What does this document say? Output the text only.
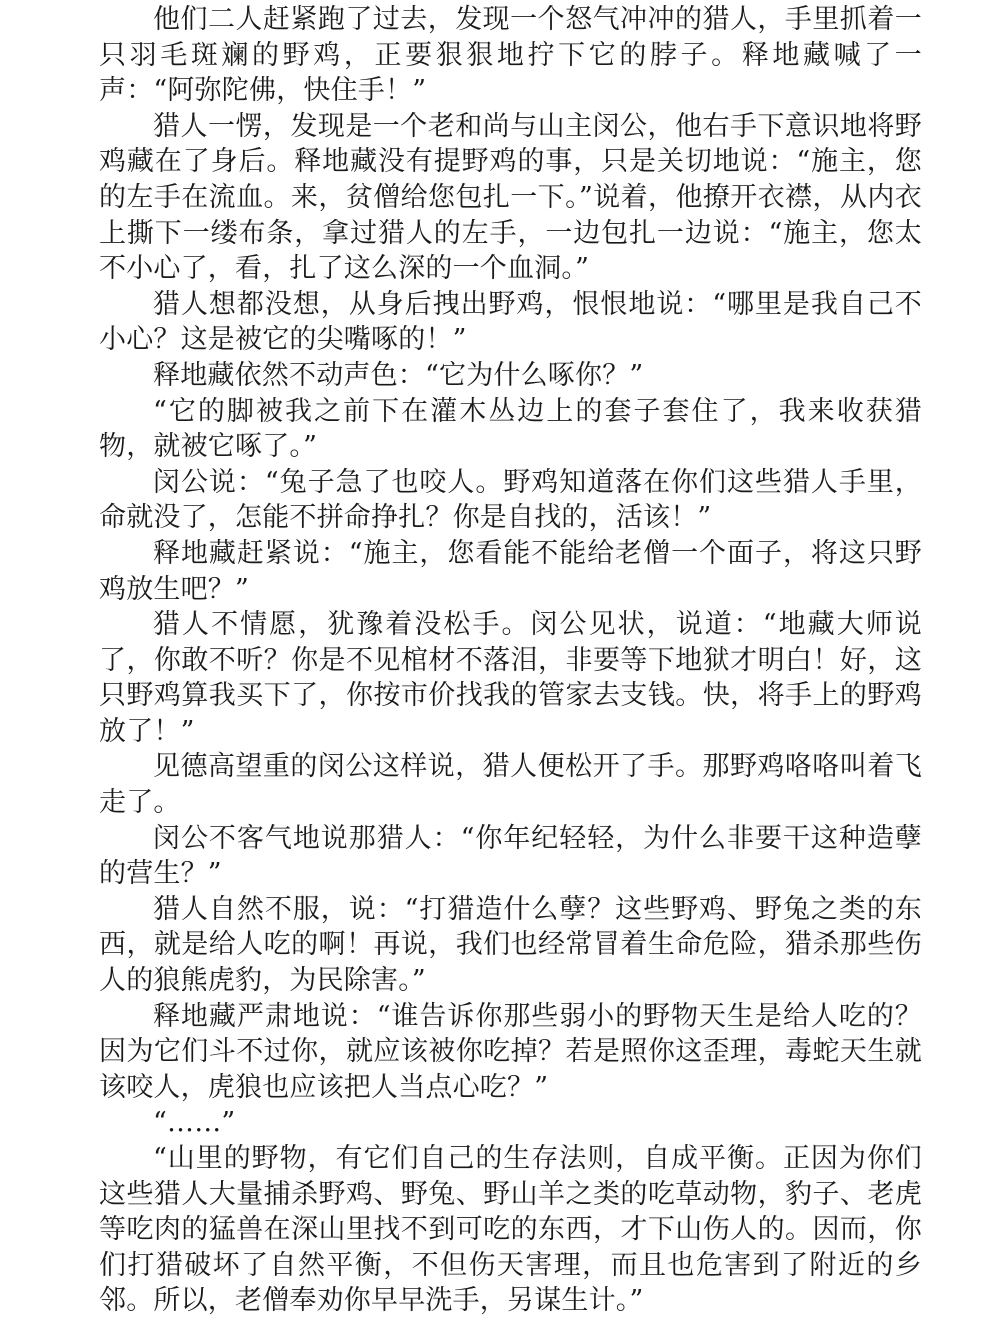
他们二人赶紧跑了过去，发现一个怒气冲冲的猎人，手里抓着一只羽毛斑斓的野鸡，正要狠狠地拧下它的脖子。释地藏喊了一声：“阿弥陀佛，快住手！”

猎人一愣，发现是一个老和尚与山主闵公，他右手下意识地将野鸡藏在了身后。释地藏没有提野鸡的事，只是关切地说：“施主，您的左手在流血。来，贫僧给您包扎一下。”说着，他撩开衣襟，从内衣上撕下一缕布条，拿过猎人的左手，一边包扎一边说：“施主，您太不小心了，看，扎了这么深的一个血洞。”

猎人想都没想，从身后拽出野鸡，恨恨地说：“哪里是我自己不小心？这是被它的尖嘴啄的！”

释地藏依然不动声色：“它为什么啄你？”

“它的脚被我之前下在灌木丛边上的套子套住了，我来收获猎物，就被它啄了。”

闵公说：“兔子急了也咬人。野鸡知道落在你们这些猎人手里，命就没了，怎能不拼命挣扎？你是自找的，活该！”

释地藏赶紧说：“施主，您看能不能给老僧一个面子，将这只野鸡放生吧？”

猎人不情愿，犹豫着没松手。闵公见状，说道：“地藏大师说了，你敢不听？你是不见棺材不落泪，非要等下地狱才明白！好，这只野鸡算我买下了，你按市价找我的管家去支钱。快，将手上的野鸡放了！”

见德高望重的闵公这样说，猎人便松开了手。那野鸡咯咯叫着飞走了。

闵公不客气地说那猎人：“你年纪轻轻，为什么非要干这种造孽的营生？”

猎人自然不服，说：“打猎造什么孽？这些野鸡、野兔之类的东西，就是给人吃的啊！再说，我们也经常冒着生命危险，猎杀那些伤人的狼熊虎豹，为民除害。”

释地藏严肃地说：“谁告诉你那些弱小的野物天生是给人吃的？因为它们斗不过你，就应该被你吃掉？若是照你这歪理，毒蛇天生就该咬人，虎狼也应该把人当点心吃？”

“……”

“山里的野物，有它们自己的生存法则，自成平衡。正因为你们这些猎人大量捕杀野鸡、野兔、野山羊之类的吃草动物，豹子、老虎等吃肉的猛兽在深山里找不到可吃的东西，才下山伤人的。因而，你们打猎破坏了自然平衡，不但伤天害理，而且也危害到了附近的乡邻。所以，老僧奉劝你早早洗手，另谋生计。”
